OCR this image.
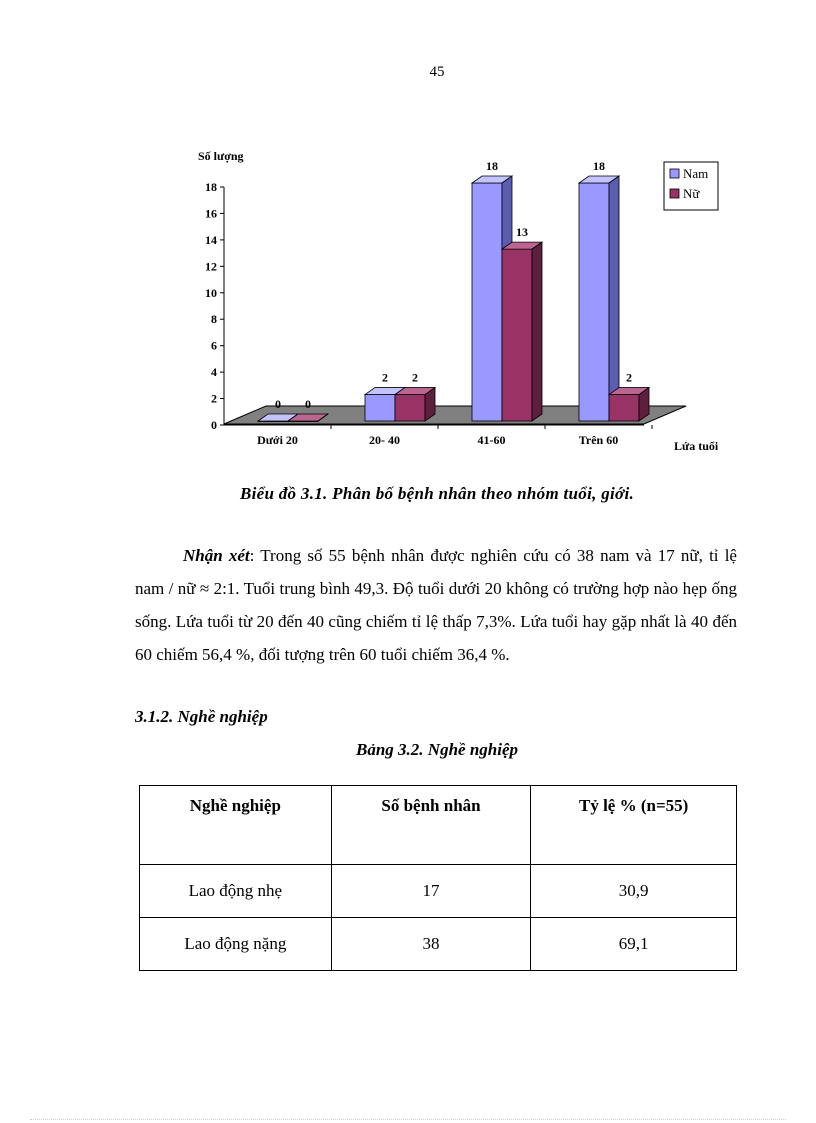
45
Số lượng
Lứa tuổi
0
2
4
6
8
10
12
14
16
18
Dưới 20	20- 40	41-60	Trên 60
0 0
2 2
18
13
18
2
Nam
Nữ
Biểu đồ 3.1. Phân bố bệnh nhân theo nhóm tuổi, giới.

Nhận xét: Trong số 55 bệnh nhân được nghiên cứu có 38 nam và 17 nữ, tỉ lệ nam / nữ ≈ 2:1. Tuổi trung bình 49,3. Độ tuổi dưới 20 không có trường hợp nào hẹp ống sống. Lứa tuổi từ 20 đến 40 cũng chiếm tỉ lệ thấp 7,3%. Lứa tuổi hay gặp nhất là 40 đến 60 chiếm 56,4 %, đối tượng trên 60 tuổi chiếm 36,4 %.

3.1.2. Nghề nghiệp

Bảng 3.2. Nghề nghiệp

Nghề nghiệp	Số bệnh nhân	Tỷ lệ % (n=55)
Lao động nhẹ	17	30,9
Lao động nặng	38	69,1
